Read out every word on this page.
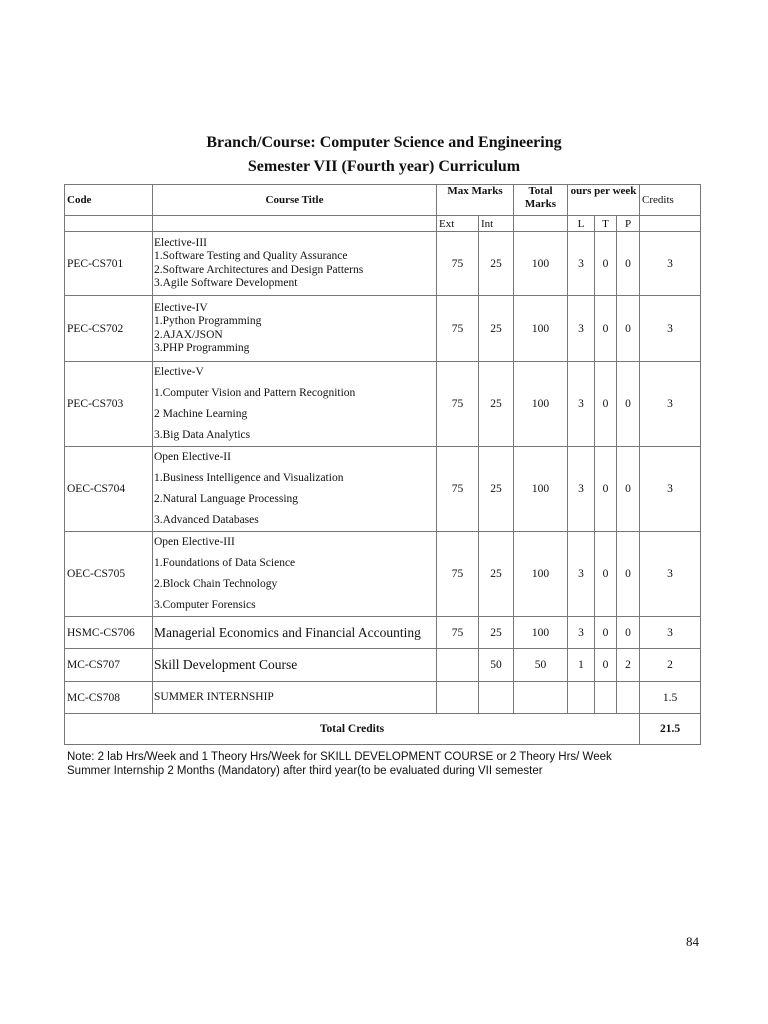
Branch/Course: Computer Science and Engineering
Semester VII (Fourth year) Curriculum
Code	Course Title	Max Marks		Total Marks	ours per week			Credits
		Ext	Int		L	T	P	
PEC-CS701	Elective-III
1.Software Testing and Quality Assurance
2.Software Architectures and Design Patterns
3.Agile Software Development	75	25	100	3	0	0	3
PEC-CS702	Elective-IV
1.Python Programming
2.AJAX/JSON
3.PHP Programming	75	25	100	3	0	0	3
PEC-CS703	Elective-V
1.Computer Vision and Pattern Recognition
2 Machine Learning
3.Big Data Analytics	75	25	100	3	0	0	3
OEC-CS704	Open Elective-II
1.Business Intelligence and Visualization
2.Natural Language Processing
3.Advanced Databases	75	25	100	3	0	0	3
OEC-CS705	Open Elective-III
1.Foundations of Data Science
2.Block Chain Technology
3.Computer Forensics	75	25	100	3	0	0	3
HSMC-CS706	Managerial Economics and Financial Accounting	75	25	100	3	0	0	3
MC-CS707	Skill Development Course		50	50	1	0	2	2
MC-CS708	SUMMER INTERNSHIP							1.5
Total Credits								21.5
Note: 2 lab Hrs/Week and 1 Theory Hrs/Week for SKILL DEVELOPMENT COURSE or 2 Theory Hrs/ Week
Summer Internship 2 Months (Mandatory) after third year(to be evaluated during VII semester
84
